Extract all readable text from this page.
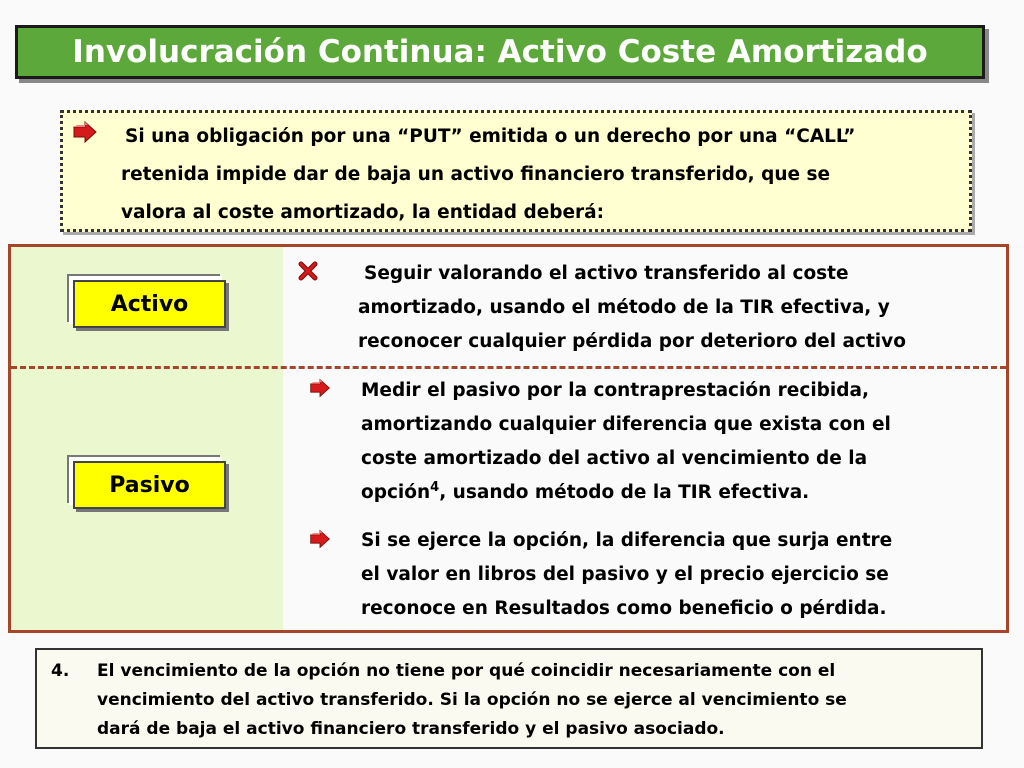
Involucración Continua: Activo Coste Amortizado
Si una obligación por una “PUT” emitida o un derecho por una “CALL”
retenida impide dar de baja un activo financiero transferido, que se
valora al coste amortizado, la entidad deberá:
Activo
Seguir valorando el activo transferido al coste
amortizado, usando el método de la TIR efectiva, y
reconocer cualquier pérdida por deterioro del activo
Pasivo
Medir el pasivo por la contraprestación recibida,
amortizando cualquier diferencia que exista con el
coste amortizado del activo al vencimiento de la
opción$^4$, usando método de la TIR efectiva.
Si se ejerce la opción, la diferencia que surja entre
el valor en libros del pasivo y el precio ejercicio se
reconoce en Resultados como beneficio o pérdida.
4. El vencimiento de la opción no tiene por qué coincidir necesariamente con el
vencimiento del activo transferido. Si la opción no se ejerce al vencimiento se
dará de baja el activo financiero transferido y el pasivo asociado.
